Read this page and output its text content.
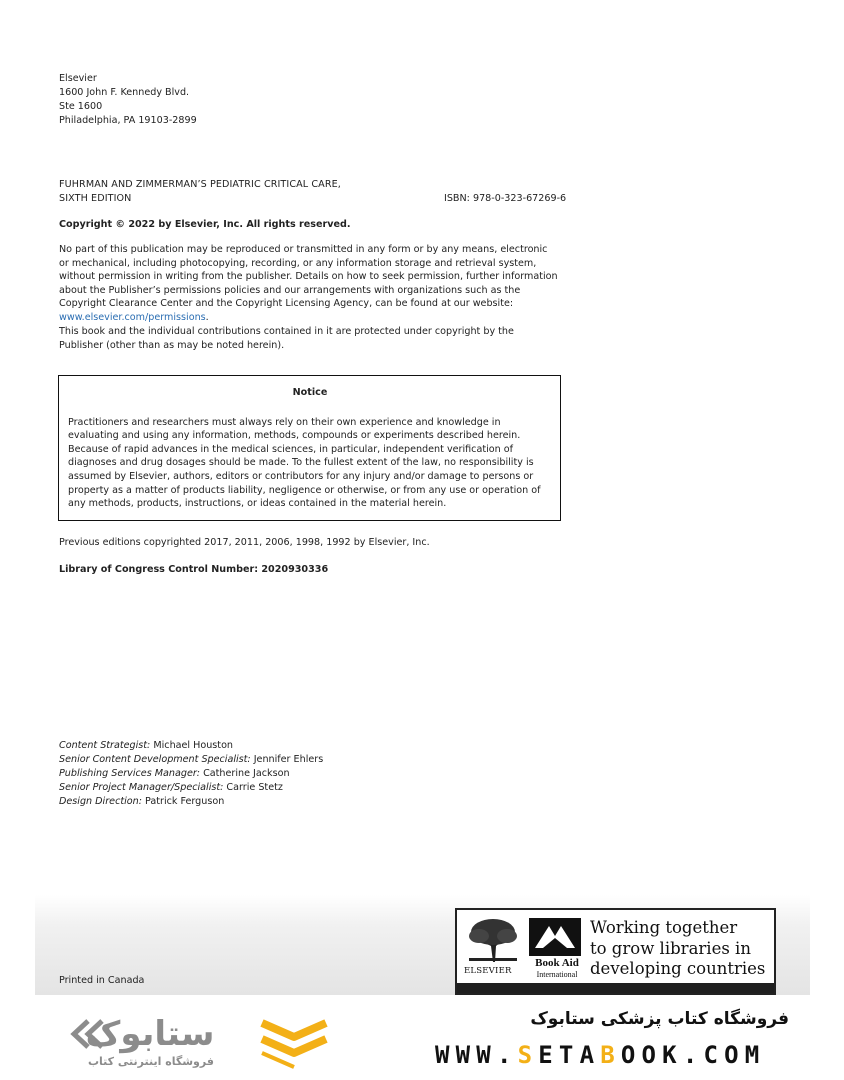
Elsevier
1600 John F. Kennedy Blvd.
Ste 1600
Philadelphia, PA 19103-2899
FUHRMAN AND ZIMMERMAN’S PEDIATRIC CRITICAL CARE,
SIXTH EDITION	ISBN: 978-0-323-67269-6
Copyright © 2022 by Elsevier, Inc. All rights reserved.
No part of this publication may be reproduced or transmitted in any form or by any means, electronic or mechanical, including photocopying, recording, or any information storage and retrieval system, without permission in writing from the publisher. Details on how to seek permission, further information about the Publisher’s permissions policies and our arrangements with organizations such as the Copyright Clearance Center and the Copyright Licensing Agency, can be found at our website: www.elsevier.com/permissions.
This book and the individual contributions contained in it are protected under copyright by the Publisher (other than as may be noted herein).
Notice
Practitioners and researchers must always rely on their own experience and knowledge in evaluating and using any information, methods, compounds or experiments described herein. Because of rapid advances in the medical sciences, in particular, independent verification of diagnoses and drug dosages should be made. To the fullest extent of the law, no responsibility is assumed by Elsevier, authors, editors or contributors for any injury and/or damage to persons or property as a matter of products liability, negligence or otherwise, or from any use or operation of any methods, products, instructions, or ideas contained in the material herein.
Previous editions copyrighted 2017, 2011, 2006, 1998, 1992 by Elsevier, Inc.
Library of Congress Control Number: 2020930336
Content Strategist: Michael Houston
Senior Content Development Specialist: Jennifer Ehlers
Publishing Services Manager: Catherine Jackson
Senior Project Manager/Specialist: Carrie Stetz
Design Direction: Patrick Ferguson
Printed in Canada
ELSEVIER
Book Aid
International
Working together
to grow libraries in
developing countries
ستابوک
فروشگاه اینترنتی کتاب
فروشگاه کتاب پزشکی ستابوک
WWW.SETABOOK.COM
